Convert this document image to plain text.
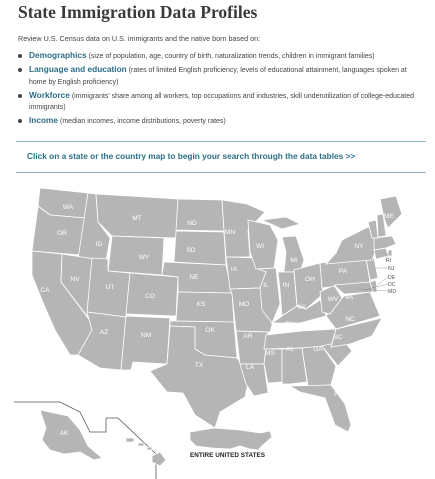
State Immigration Data Profiles
Review U.S. Census data on U.S. immigrants and the native born based on:
Demographics (size of population, age, country of birth, naturalization trends, children in immigrant families)
Language and education (rates of limited English proficiency, levels of educational attainment, languages spoken at home by English proficiency)
Workforce (immigrants' share among all workers, top occupations and industries, skill underutilization of college-educated immigrants)
Income (median incomes, income distributions, poverty rates)
Click on a state or the country map to begin your search through the data tables >>
WA
OR
CA
ID
NV
MT
WY
UT
AZ
CO
NM
ND
SD
NE
KS
OK
TX
MN
IA
MO
AR
LA
WI
IL
MI
IN
OH
KY
TN
MS
AL	GA
FL
SC
NC
VA
WV
PA
NY
ME
RI
NJ
DE
DC
MD
AK
HI	ENTIRE UNITED STATES
